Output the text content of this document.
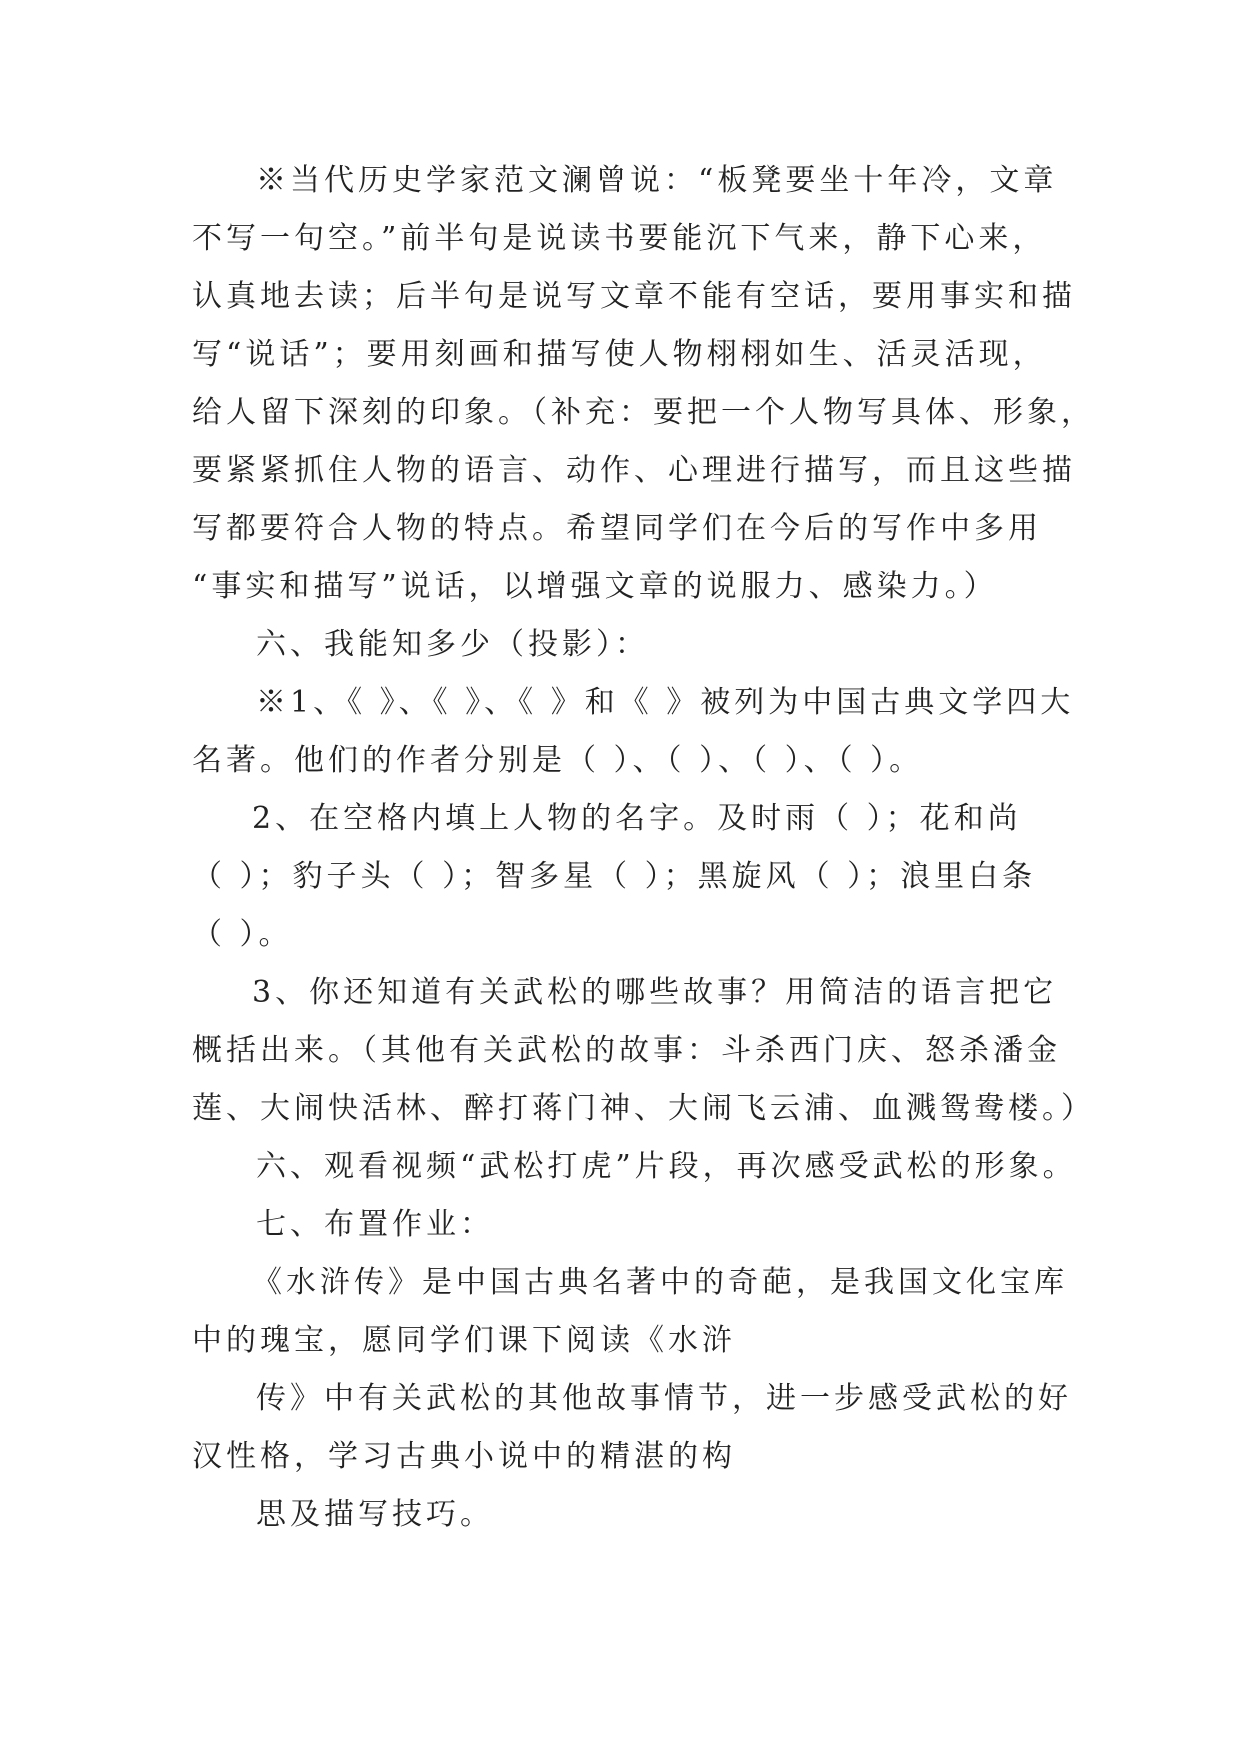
※当代历史学家范文澜曾说：“板凳要坐十年冷，文章
不写一句空。”前半句是说读书要能沉下气来，静下心来，
认真地去读；后半句是说写文章不能有空话，要用事实和描
写“说话”；要用刻画和描写使人物栩栩如生、活灵活现，
给人留下深刻的印象。（补充：要把一个人物写具体、形象，
要紧紧抓住人物的语言、动作、心理进行描写，而且这些描
写都要符合人物的特点。希望同学们在今后的写作中多用
“事实和描写”说话，以增强文章的说服力、感染力。）
六、我能知多少（投影）：
※1、《 》、《 》、《 》和《 》被列为中国古典文学四大
名著。他们的作者分别是（ ）、（ ）、（ ）、（ ）。
2、在空格内填上人物的名字。及时雨（ ）；花和尚
（ ）；豹子头（ ）；智多星（ ）；黑旋风（ ）；浪里白条
（ ）。
3、你还知道有关武松的哪些故事？用简洁的语言把它
概括出来。（其他有关武松的故事：斗杀西门庆、怒杀潘金
莲、大闹快活林、醉打蒋门神、大闹飞云浦、血溅鸳鸯楼。）
六、观看视频“武松打虎”片段，再次感受武松的形象。
七、布置作业：
《水浒传》是中国古典名著中的奇葩，是我国文化宝库
中的瑰宝，愿同学们课下阅读《水浒
传》中有关武松的其他故事情节，进一步感受武松的好
汉性格，学习古典小说中的精湛的构
思及描写技巧。
